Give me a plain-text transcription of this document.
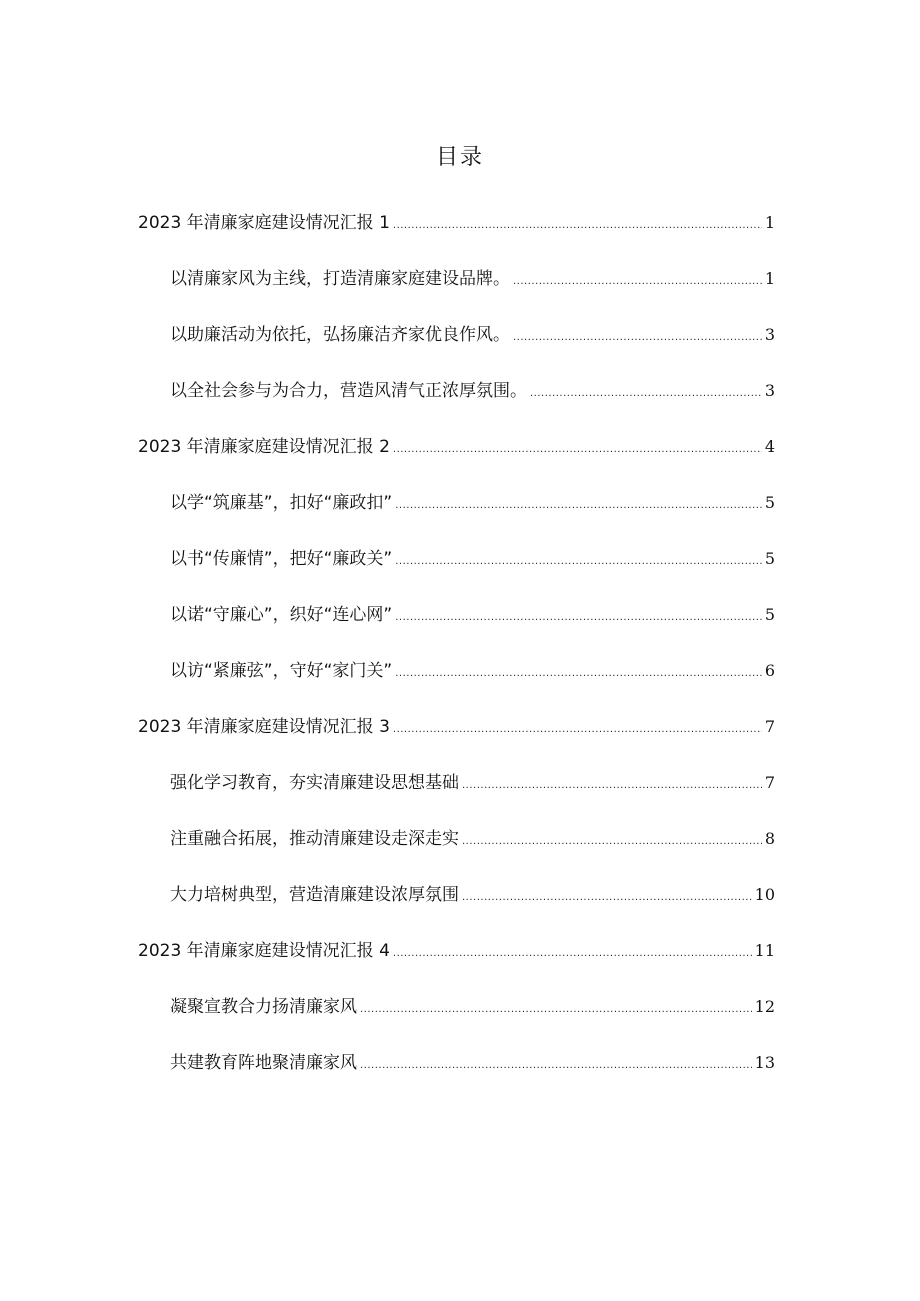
目录
2023 年清廉家庭建设情况汇报 1 .....	1
以清廉家风为主线，打造清廉家庭建设品牌。 .....	1
以助廉活动为依托，弘扬廉洁齐家优良作风。 .....	3
以全社会参与为合力，营造风清气正浓厚氛围。 .....	3
2023 年清廉家庭建设情况汇报 2 .....	4
以学“筑廉基”，扣好“廉政扣” .....	5
以书“传廉情”，把好“廉政关” .....	5
以诺“守廉心”，织好“连心网” .....	5
以访“紧廉弦”，守好“家门关” .....	6
2023 年清廉家庭建设情况汇报 3 .....	7
强化学习教育，夯实清廉建设思想基础 .....	7
注重融合拓展，推动清廉建设走深走实 .....	8
大力培树典型，营造清廉建设浓厚氛围 .....	10
2023 年清廉家庭建设情况汇报 4 .....	11
凝聚宣教合力扬清廉家风 .....	12
共建教育阵地聚清廉家风 .....	13
